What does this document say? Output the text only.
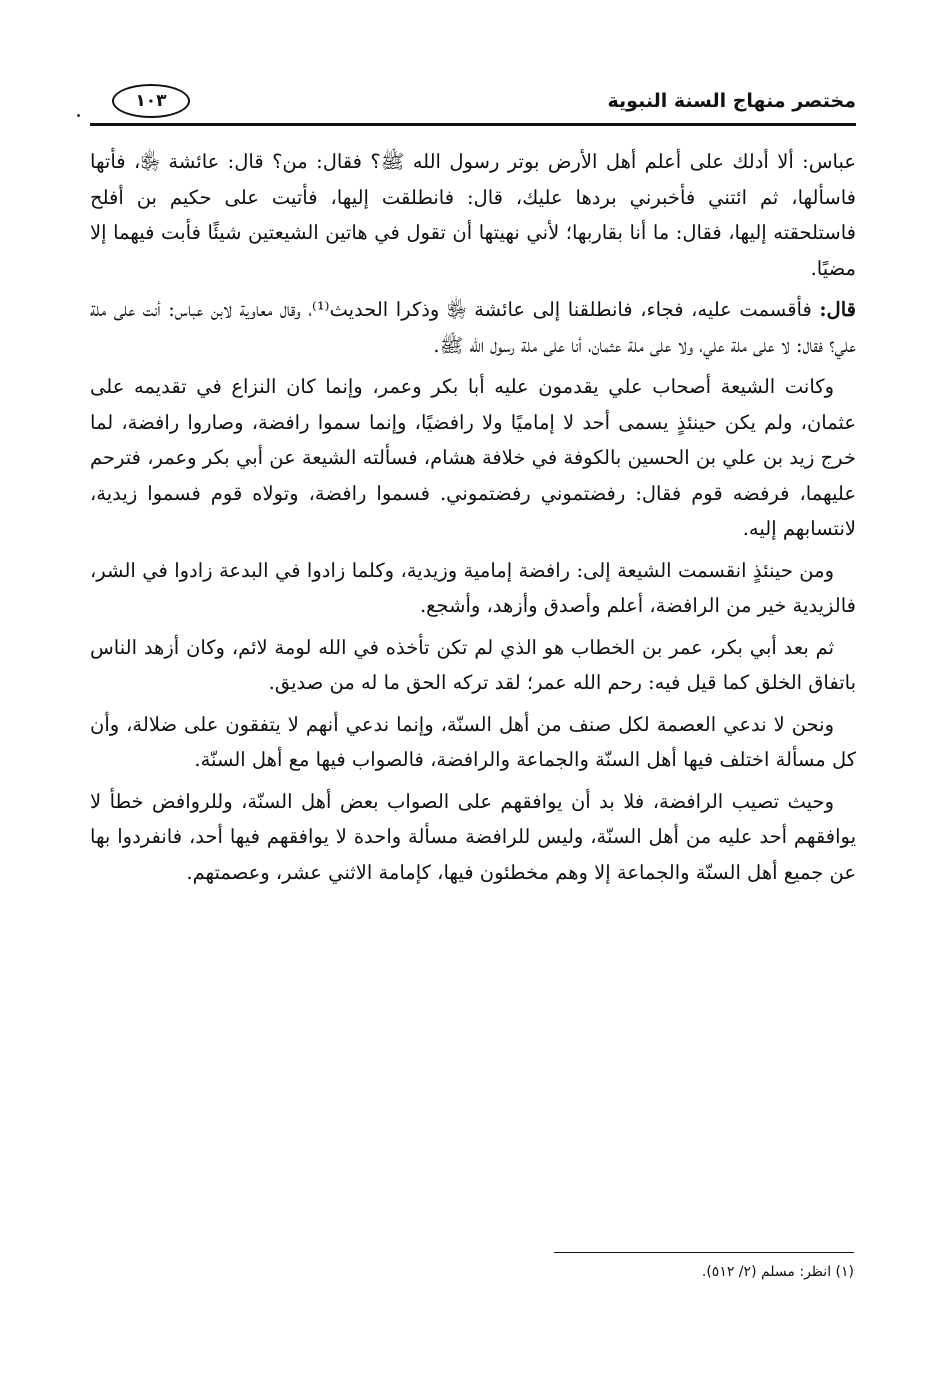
١٠٣	مختصر منهاج السنة النبوية

عباس: ألا أدلك على أعلم أهل الأرض بوتر رسول الله ﷺ؟ فقال: من؟ قال: عائشة ﵂، فأتها فاسألها، ثم ائتني فأخبرني بردها عليك، قال: فانطلقت إليها، فأتيت على حكيم بن أفلح فاستلحقته إليها، فقال: ما أنا بقاربها؛ لأني نهيتها أن تقول في هاتين الشيعتين شيئًا فأبت فيهما إلا مضيًا.

قال: فأقسمت عليه، فجاء، فانطلقنا إلى عائشة ﵂ وذكرا الحديث⁽¹⁾، وقال معاوية لابن عباس: أنت على ملة علي؟ فقال: لا على ملة علي، ولا على ملة عثمان، أنا على ملة رسول الله ﷺ.

وكانت الشيعة أصحاب علي يقدمون عليه أبا بكر وعمر، وإنما كان النزاع في تقديمه على عثمان، ولم يكن حينئذٍ يسمى أحد لا إماميًا ولا رافضيًا، وإنما سموا رافضة، وصاروا رافضة، لما خرج زيد بن علي بن الحسين بالكوفة في خلافة هشام، فسألته الشيعة عن أبي بكر وعمر، فترحم عليهما، فرفضه قوم فقال: رفضتموني رفضتموني. فسموا رافضة، وتولاه قوم فسموا زيدية، لانتسابهم إليه.

ومن حينئذٍ انقسمت الشيعة إلى: رافضة إمامية وزيدية، وكلما زادوا في البدعة زادوا في الشر، فالزيدية خير من الرافضة، أعلم وأصدق وأزهد، وأشجع.

ثم بعد أبي بكر، عمر بن الخطاب هو الذي لم تكن تأخذه في الله لومة لائم، وكان أزهد الناس باتفاق الخلق كما قيل فيه: رحم الله عمر؛ لقد تركه الحق ما له من صديق.

ونحن لا ندعي العصمة لكل صنف من أهل السنّة، وإنما ندعي أنهم لا يتفقون على ضلالة، وأن كل مسألة اختلف فيها أهل السنّة والجماعة والرافضة، فالصواب فيها مع أهل السنّة.

وحيث تصيب الرافضة، فلا بد أن يوافقهم على الصواب بعض أهل السنّة، وللروافض خطأ لا يوافقهم أحد عليه من أهل السنّة، وليس للرافضة مسألة واحدة لا يوافقهم فيها أحد، فانفردوا بها عن جميع أهل السنّة والجماعة إلا وهم مخطئون فيها، كإمامة الاثني عشر، وعصمتهم.

(١) انظر: مسلم (٢/ ٥١٢).
